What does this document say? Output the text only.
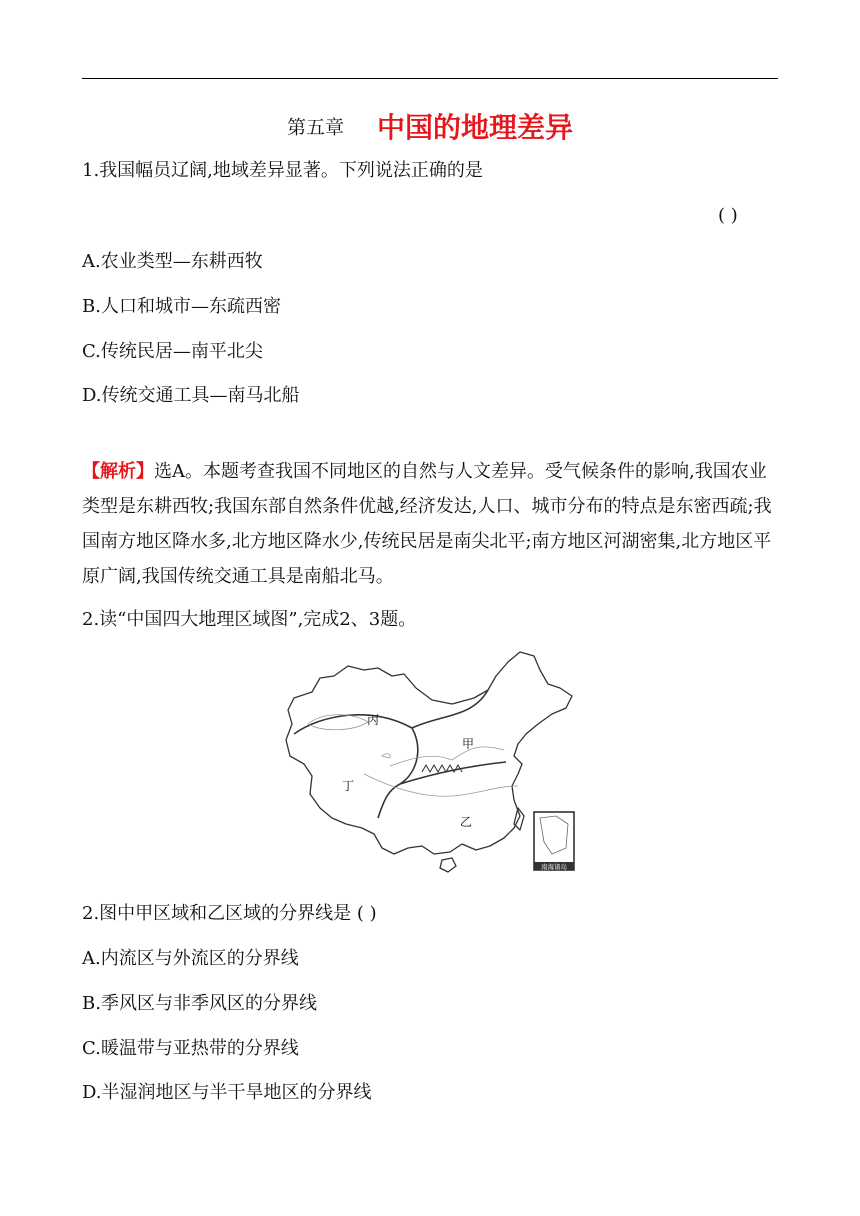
第五章 中国的地理差异
1.我国幅员辽阔,地域差异显著。下列说法正确的是
( )
A.农业类型—东耕西牧
B.人口和城市—东疏西密
C.传统民居—南平北尖
D.传统交通工具—南马北船
【解析】选A。本题考查我国不同地区的自然与人文差异。受气候条件的影响,我国农业类型是东耕西牧;我国东部自然条件优越,经济发达,人口、城市分布的特点是东密西疏;我国南方地区降水多,北方地区降水少,传统民居是南尖北平;南方地区河湖密集,北方地区平原广阔,我国传统交通工具是南船北马。
2.读“中国四大地理区域图”,完成2、3题。
丙
甲
丁
乙
南海诸岛
2.图中甲区域和乙区域的分界线是 ( )
A.内流区与外流区的分界线
B.季风区与非季风区的分界线
C.暖温带与亚热带的分界线
D.半湿润地区与半干旱地区的分界线
